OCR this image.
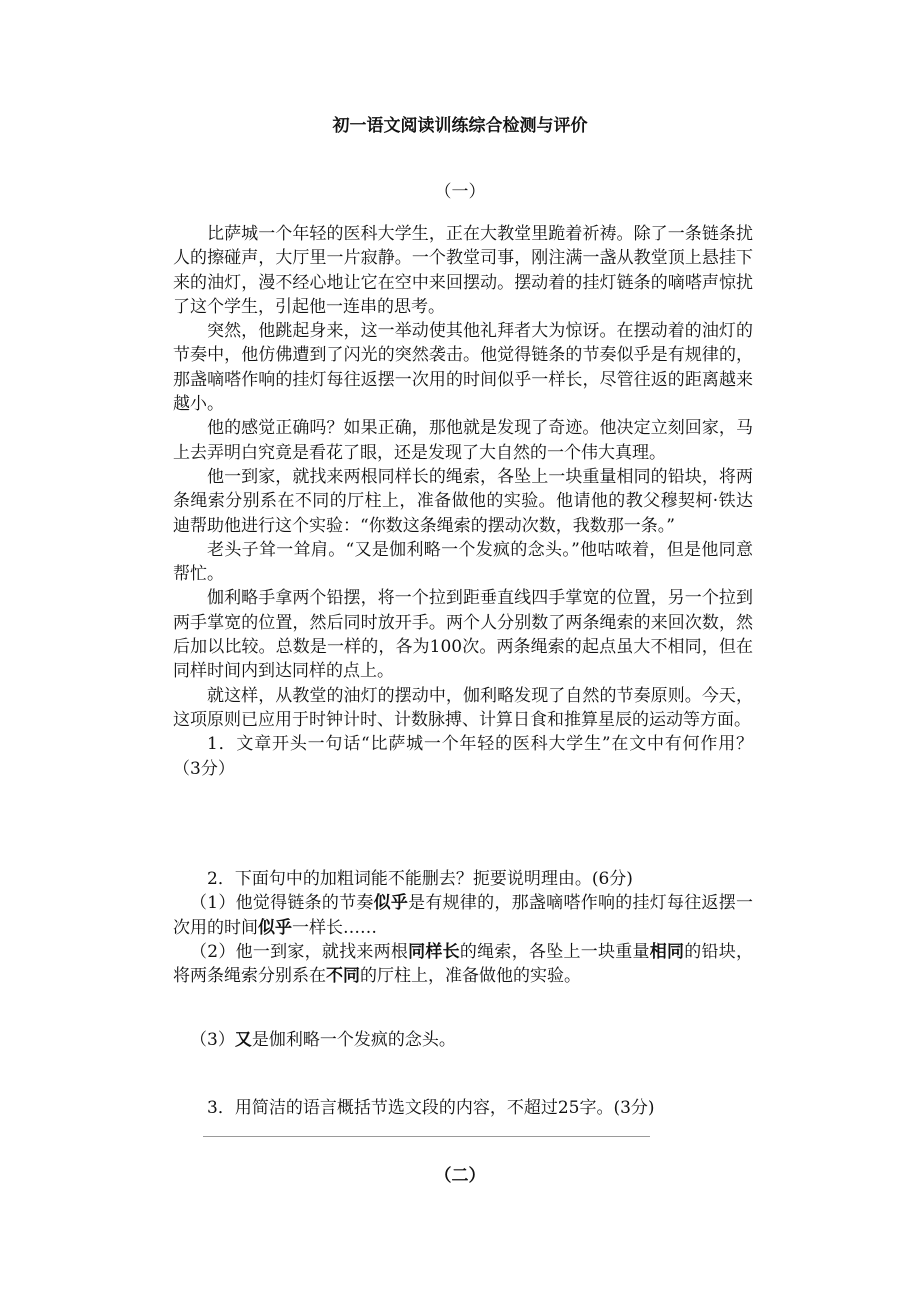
初一语文阅读训练综合检测与评价
（一）

比萨城一个年轻的医科大学生，正在大教堂里跪着祈祷。除了一条链条扰人的擦碰声，大厅里一片寂静。一个教堂司事，刚注满一盏从教堂顶上悬挂下来的油灯，漫不经心地让它在空中来回摆动。摆动着的挂灯链条的嘀嗒声惊扰了这个学生，引起他一连串的思考。

突然，他跳起身来，这一举动使其他礼拜者大为惊讶。在摆动着的油灯的节奏中，他仿佛遭到了闪光的突然袭击。他觉得链条的节奏似乎是有规律的，那盏嘀嗒作响的挂灯每往返摆一次用的时间似乎一样长，尽管往返的距离越来越小。

他的感觉正确吗？如果正确，那他就是发现了奇迹。他决定立刻回家，马上去弄明白究竟是看花了眼，还是发现了大自然的一个伟大真理。

他一到家，就找来两根同样长的绳索，各坠上一块重量相同的铅块，将两条绳索分别系在不同的厅柱上，准备做他的实验。他请他的教父穆契柯·铁达迪帮助他进行这个实验：“你数这条绳索的摆动次数，我数那一条。”

老头子耸一耸肩。“又是伽利略一个发疯的念头。”他咕哝着，但是他同意帮忙。

伽利略手拿两个铅摆，将一个拉到距垂直线四手掌宽的位置，另一个拉到两手掌宽的位置，然后同时放开手。两个人分别数了两条绳索的来回次数，然后加以比较。总数是一样的，各为100次。两条绳索的起点虽大不相同，但在同样时间内到达同样的点上。

就这样，从教堂的油灯的摆动中，伽利略发现了自然的节奏原则。今天，这项原则已应用于时钟计时、计数脉搏、计算日食和推算星辰的运动等方面。

1．文章开头一句话“比萨城一个年轻的医科大学生”在文中有何作用？（3分）

2．下面句中的加粗词能不能删去？扼要说明理由。(6分)

（1）他觉得链条的节奏似乎是有规律的，那盏嘀嗒作响的挂灯每往返摆一次用的时间似乎一样长……

（2）他一到家，就找来两根同样长的绳索，各坠上一块重量相同的铅块，将两条绳索分别系在不同的厅柱上，准备做他的实验。

（3）又是伽利略一个发疯的念头。

3．用简洁的语言概括节选文段的内容，不超过25字。(3分)

（二）
